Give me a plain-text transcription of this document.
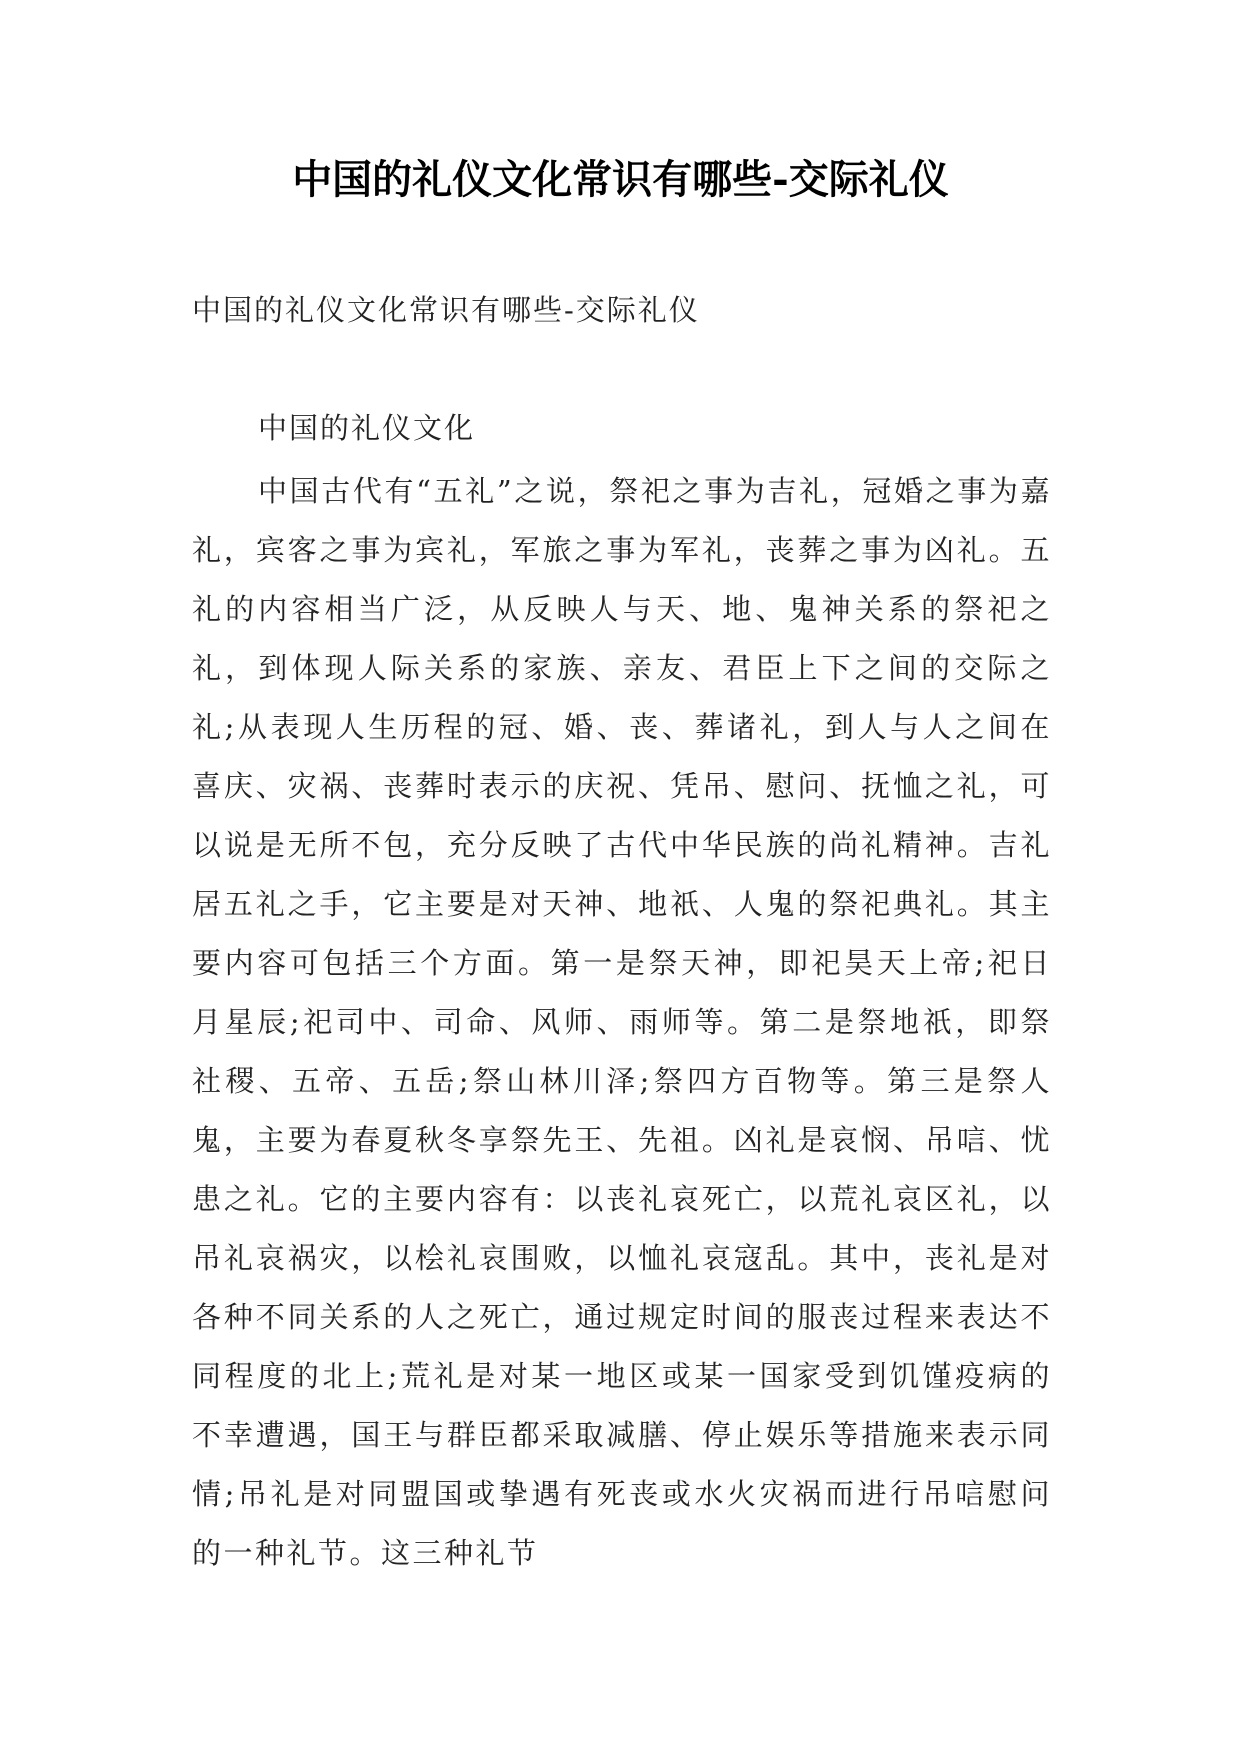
中国的礼仪文化常识有哪些-交际礼仪

中国的礼仪文化常识有哪些-交际礼仪

中国的礼仪文化

中国古代有“五礼”之说，祭祀之事为吉礼，冠婚之事为嘉礼，宾客之事为宾礼，军旅之事为军礼，丧葬之事为凶礼。五礼的内容相当广泛，从反映人与天、地、鬼神关系的祭祀之礼，到体现人际关系的家族、亲友、君臣上下之间的交际之礼;从表现人生历程的冠、婚、丧、葬诸礼，到人与人之间在喜庆、灾祸、丧葬时表示的庆祝、凭吊、慰问、抚恤之礼，可以说是无所不包，充分反映了古代中华民族的尚礼精神。吉礼居五礼之手，它主要是对天神、地祇、人鬼的祭祀典礼。其主要内容可包括三个方面。第一是祭天神，即祀昊天上帝;祀日月星辰;祀司中、司命、风师、雨师等。第二是祭地祇，即祭社稷、五帝、五岳;祭山林川泽;祭四方百物等。第三是祭人鬼，主要为春夏秋冬享祭先王、先祖。凶礼是哀悯、吊唁、忧患之礼。它的主要内容有：以丧礼哀死亡，以荒礼哀区礼，以吊礼哀祸灾，以桧礼哀围败，以恤礼哀寇乱。其中，丧礼是对各种不同关系的人之死亡，通过规定时间的服丧过程来表达不同程度的北上;荒礼是对某一地区或某一国家受到饥馑疫病的不幸遭遇，国王与群臣都采取减膳、停止娱乐等措施来表示同情;吊礼是对同盟国或挚遇有死丧或水火灾祸而进行吊唁慰问的一种礼节。这三种礼节
